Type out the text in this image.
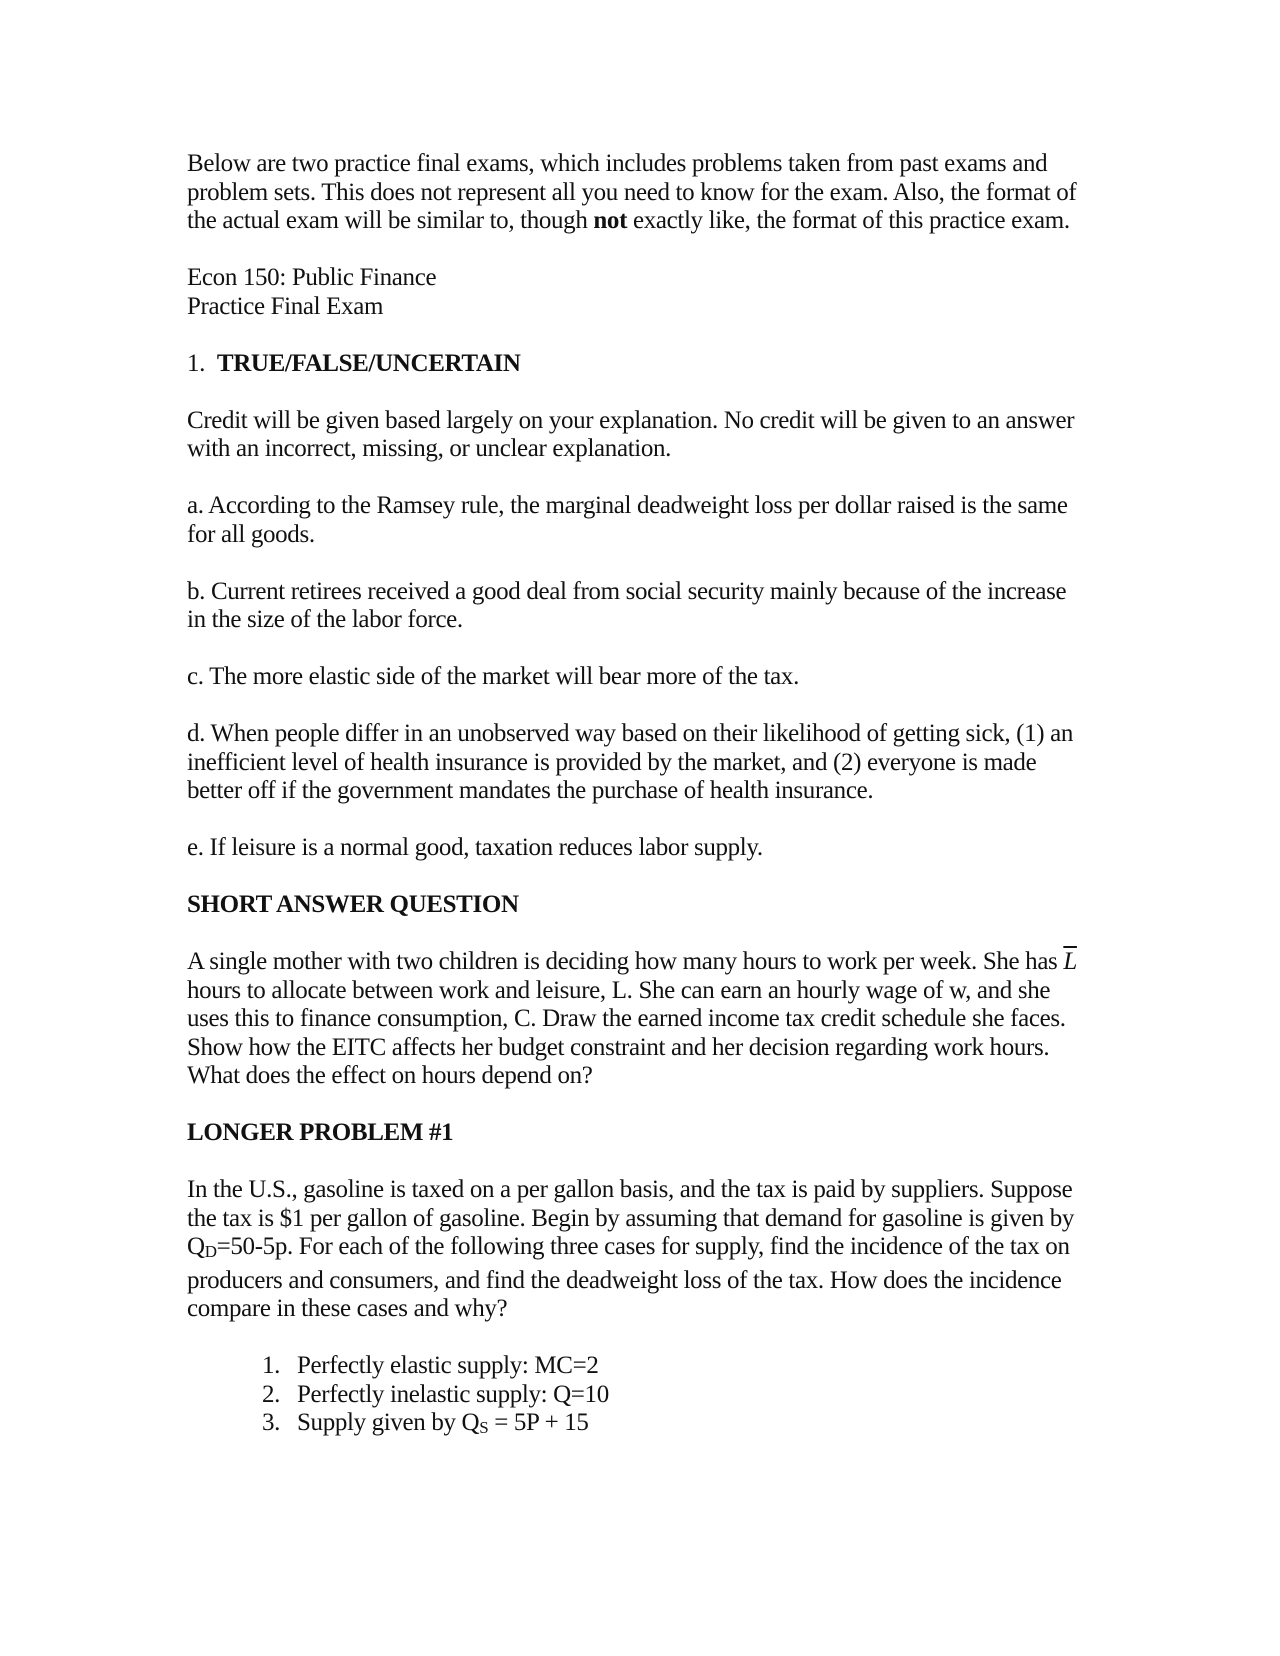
Below are two practice final exams, which includes problems taken from past exams and problem sets. This does not represent all you need to know for the exam. Also, the format of the actual exam will be similar to, though not exactly like, the format of this practice exam.

Econ 150: Public Finance
Practice Final Exam

1. TRUE/FALSE/UNCERTAIN

Credit will be given based largely on your explanation. No credit will be given to an answer with an incorrect, missing, or unclear explanation.

a. According to the Ramsey rule, the marginal deadweight loss per dollar raised is the same for all goods.

b. Current retirees received a good deal from social security mainly because of the increase in the size of the labor force.

c. The more elastic side of the market will bear more of the tax.

d. When people differ in an unobserved way based on their likelihood of getting sick, (1) an inefficient level of health insurance is provided by the market, and (2) everyone is made better off if the government mandates the purchase of health insurance.

e. If leisure is a normal good, taxation reduces labor supply.

SHORT ANSWER QUESTION

A single mother with two children is deciding how many hours to work per week. She has $\overline{L}$ hours to allocate between work and leisure, L. She can earn an hourly wage of w, and she uses this to finance consumption, C. Draw the earned income tax credit schedule she faces. Show how the EITC affects her budget constraint and her decision regarding work hours. What does the effect on hours depend on?

LONGER PROBLEM #1

In the U.S., gasoline is taxed on a per gallon basis, and the tax is paid by suppliers. Suppose the tax is $1 per gallon of gasoline. Begin by assuming that demand for gasoline is given by QD=50-5p. For each of the following three cases for supply, find the incidence of the tax on producers and consumers, and find the deadweight loss of the tax. How does the incidence compare in these cases and why?

1. Perfectly elastic supply: MC=2
2. Perfectly inelastic supply: Q=10
3. Supply given by QS = 5P + 15
